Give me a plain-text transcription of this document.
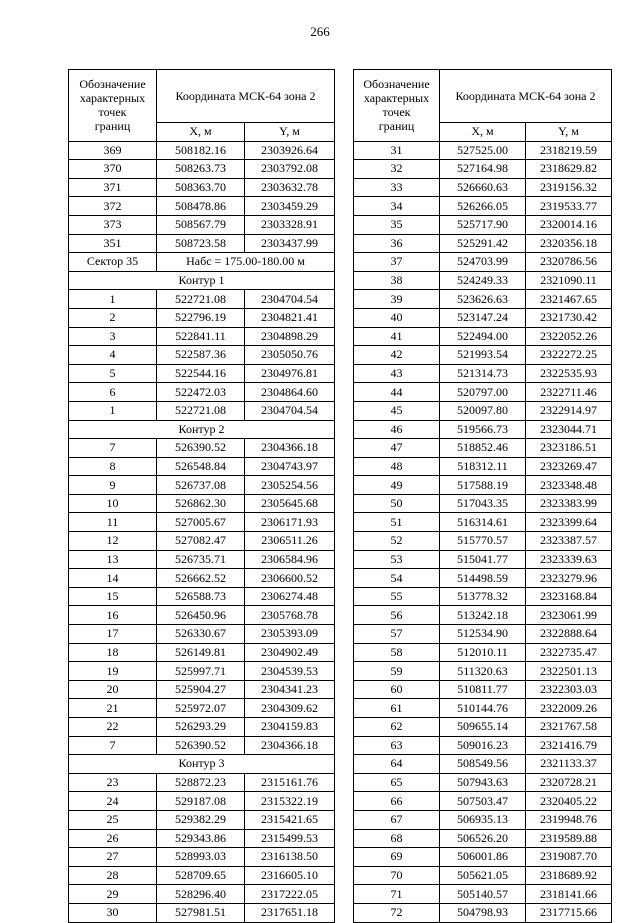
266
Обозначение
характерных
точек
границ	Координата МСК-64 зона 2	
	X, м	Y, м
369	508182.16	2303926.64
370	508263.73	2303792.08
371	508363.70	2303632.78
372	508478.86	2303459.29
373	508567.79	2303328.91
351	508723.58	2303437.99
Сектор 35	Набс = 175.00-180.00 м	
Контур 1		
1	522721.08	2304704.54
2	522796.19	2304821.41
3	522841.11	2304898.29
4	522587.36	2305050.76
5	522544.16	2304976.81
6	522472.03	2304864.60
1	522721.08	2304704.54
Контур 2		
7	526390.52	2304366.18
8	526548.84	2304743.97
9	526737.08	2305254.56
10	526862.30	2305645.68
11	527005.67	2306171.93
12	527082.47	2306511.26
13	526735.71	2306584.96
14	526662.52	2306600.52
15	526588.73	2306274.48
16	526450.96	2305768.78
17	526330.67	2305393.09
18	526149.81	2304902.49
19	525997.71	2304539.53
20	525904.27	2304341.23
21	525972.07	2304309.62
22	526293.29	2304159.83
7	526390.52	2304366.18
Контур 3		
23	528872.23	2315161.76
24	529187.08	2315322.19
25	529382.29	2315421.65
26	529343.86	2315499.53
27	528993.03	2316138.50
28	528709.65	2316605.10
29	528296.40	2317222.05
30	527981.51	2317651.18
Обозначение
характерных
точек
границ	Координата МСК-64 зона 2	
	X, м	Y, м
31	527525.00	2318219.59
32	527164.98	2318629.82
33	526660.63	2319156.32
34	526266.05	2319533.77
35	525717.90	2320014.16
36	525291.42	2320356.18
37	524703.99	2320786.56
38	524249.33	2321090.11
39	523626.63	2321467.65
40	523147.24	2321730.42
41	522494.00	2322052.26
42	521993.54	2322272.25
43	521314.73	2322535.93
44	520797.00	2322711.46
45	520097.80	2322914.97
46	519566.73	2323044.71
47	518852.46	2323186.51
48	518312.11	2323269.47
49	517588.19	2323348.48
50	517043.35	2323383.99
51	516314.61	2323399.64
52	515770.57	2323387.57
53	515041.77	2323339.63
54	514498.59	2323279.96
55	513778.32	2323168.84
56	513242.18	2323061.99
57	512534.90	2322888.64
58	512010.11	2322735.47
59	511320.63	2322501.13
60	510811.77	2322303.03
61	510144.76	2322009.26
62	509655.14	2321767.58
63	509016.23	2321416.79
64	508549.56	2321133.37
65	507943.63	2320728.21
66	507503.47	2320405.22
67	506935.13	2319948.76
68	506526.20	2319589.88
69	506001.86	2319087.70
70	505621.05	2318689.92
71	505140.57	2318141.66
72	504798.93	2317715.66
